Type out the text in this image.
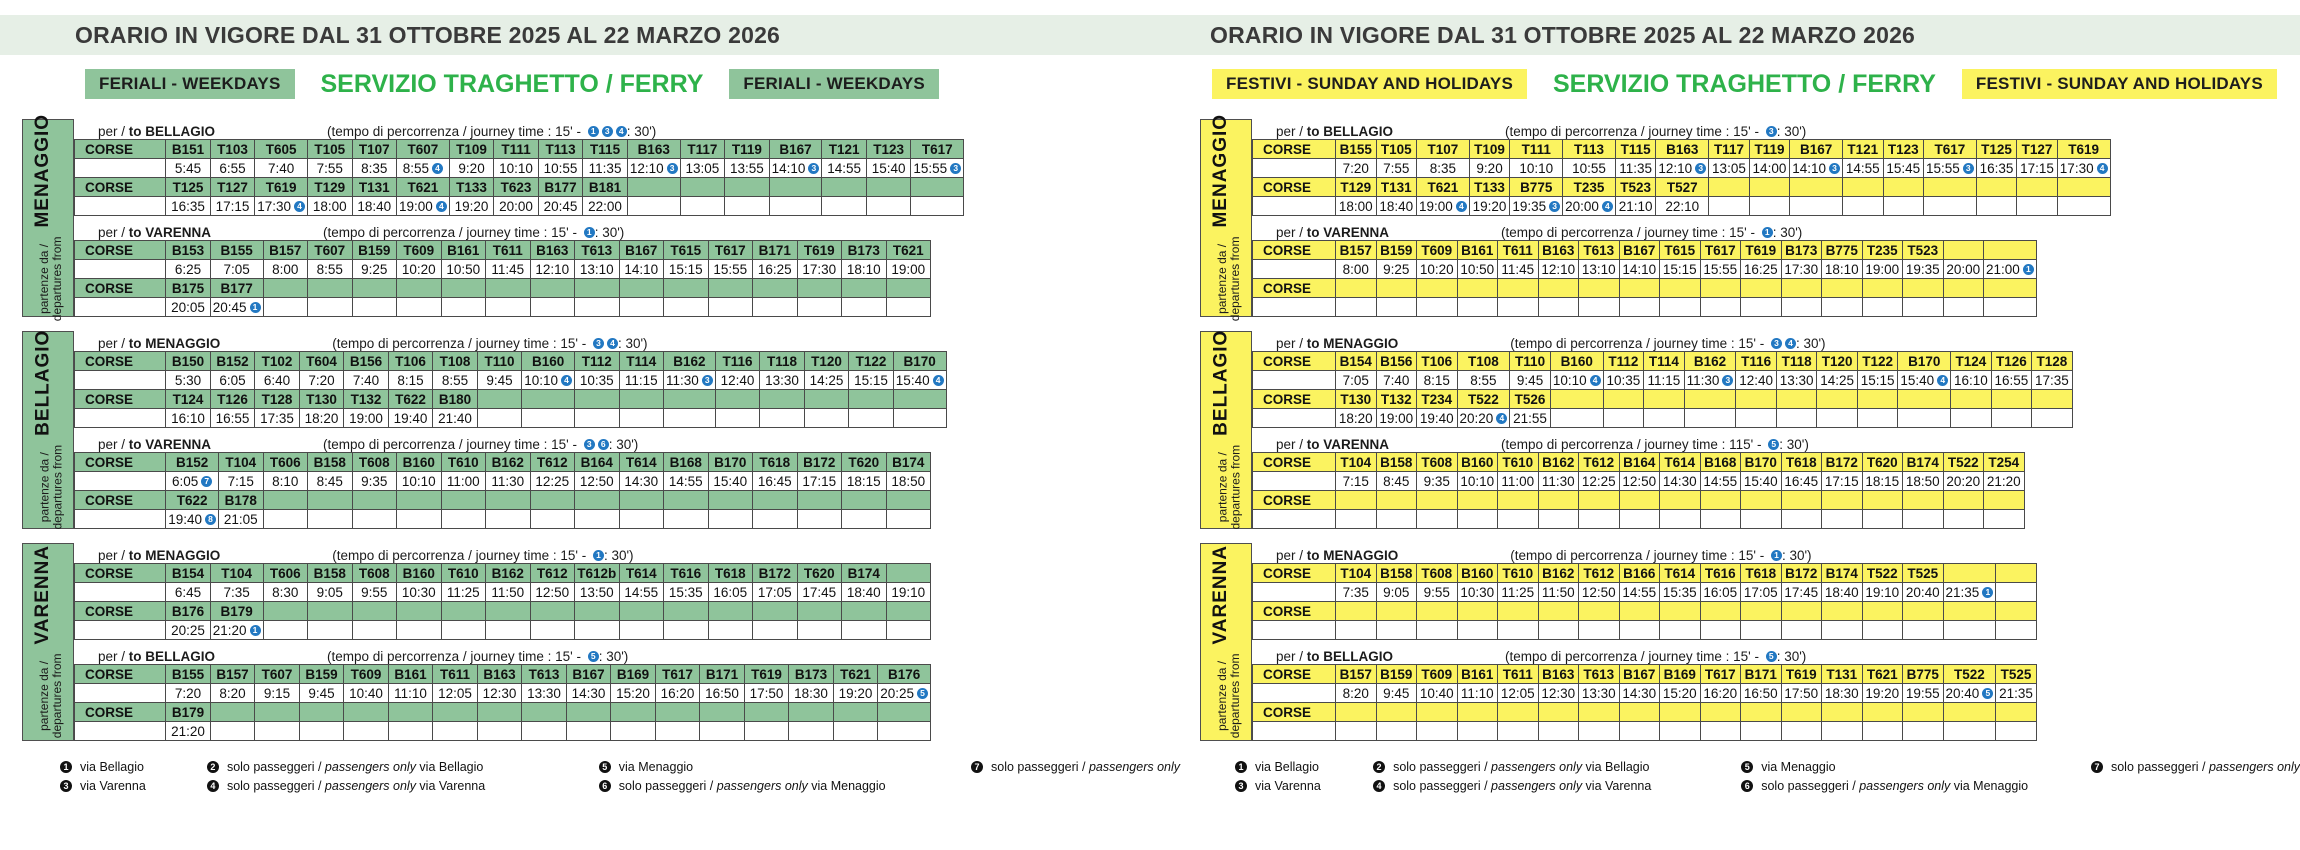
ORARIO IN VIGORE DAL 31 OTTOBRE 2025 AL 22 MARZO 2026
FERIALI - WEEKDAYS	SERVIZIO TRAGHETTO / FERRY	FERIALI - WEEKDAYS
partenze da /
departures from
MENAGGIO	per / to BELLAGIO	(tempo di percorrenza / journey time : 15' - 1 3 4 : 30')
CORSE	B151	T103	T605	T105	T107	T607	T109	T111	T113	T115	B163	T117	T119	B167	T121	T123	T617
	5:45	6:55	7:40	7:55	8:35	8:55 4	9:20	10:10	10:55	11:35	12:10 3	13:05	13:55	14:10 3	14:55	15:40	15:55 3
CORSE	T125	T127	T619	T129	T131	T621	T133	T623	B177	B181							
	16:35	17:15	17:30 4	18:00	18:40	19:00 4	19:20	20:00	20:45	22:00							
per / to VARENNA	(tempo di percorrenza / journey time : 15' - 1 : 30')
CORSE	B153	B155	B157	T607	B159	T609	B161	T611	B163	T613	B167	T615	T617	B171	T619	B173	T621
	6:25	7:05	8:00	8:55	9:25	10:20	10:50	11:45	12:10	13:10	14:10	15:15	15:55	16:25	17:30	18:10	19:00
CORSE	B175	B177															
	20:05	20:45 1															
partenze da /
departures from
BELLAGIO	per / to MENAGGIO	(tempo di percorrenza / journey time : 15' - 3 4 : 30')
CORSE	B150	B152	T102	T604	B156	T106	T108	T110	B160	T112	T114	B162	T116	T118	T120	T122	B170
	5:30	6:05	6:40	7:20	7:40	8:15	8:55	9:45	10:10 4	10:35	11:15	11:30 3	12:40	13:30	14:25	15:15	15:40 4
CORSE	T124	T126	T128	T130	T132	T622	B180										
	16:10	16:55	17:35	18:20	19:00	19:40	21:40										
per / to VARENNA	(tempo di percorrenza / journey time : 15' - 3 6 : 30')
CORSE	B152	T104	T606	B158	T608	B160	T610	B162	T612	B164	T614	B168	B170	T618	B172	T620	B174
	6:05 7	7:15	8:10	8:45	9:35	10:10	11:00	11:30	12:25	12:50	14:30	14:55	15:40	16:45	17:15	18:15	18:50
CORSE	T622	B178															
	19:40 8	21:05															
partenze da /
departures from
VARENNA	per / to MENAGGIO	(tempo di percorrenza / journey time : 15' - 1 : 30')
CORSE	B154	T104	T606	B158	T608	B160	T610	B162	T612	T612b	T614	T616	T618	B172	T620	B174	
	6:45	7:35	8:30	9:05	9:55	10:30	11:25	11:50	12:50	13:50	14:55	15:35	16:05	17:05	17:45	18:40	19:10
CORSE	B176	B179															
	20:25	21:20 1															
per / to BELLAGIO	(tempo di percorrenza / journey time : 15' - 5 : 30')
CORSE	B155	B157	T607	B159	T609	B161	T611	B163	T613	B167	B169	T617	B171	T619	B173	T621	B176
	7:20	8:20	9:15	9:45	10:40	11:10	12:05	12:30	13:30	14:30	15:20	16:20	16:50	17:50	18:30	19:20	20:25 5
CORSE	B179																
	21:20																
1 via Bellagio
3 via Varenna
2 solo passeggeri / passengers only via Bellagio
4 solo passeggeri / passengers only via Varenna
5 via Menaggio
6 solo passeggeri / passengers only via Menaggio
7 solo passeggeri / passengers only
ORARIO IN VIGORE DAL 31 OTTOBRE 2025 AL 22 MARZO 2026
FESTIVI - SUNDAY AND HOLIDAYS	SERVIZIO TRAGHETTO / FERRY	FESTIVI - SUNDAY AND HOLIDAYS
partenze da /
departures from
MENAGGIO	per / to BELLAGIO	(tempo di percorrenza / journey time : 15' - 3 : 30')
CORSE	B155	T105	T107	T109	T111	T113	T115	B163	T117	T119	B167	T121	T123	T617	T125	T127	T619
	7:20	7:55	8:35	9:20	10:10	10:55	11:35	12:10 3	13:05	14:00	14:10 3	14:55	15:45	15:55 3	16:35	17:15	17:30 4
CORSE	T129	T131	T621	T133	B775	T235	T523	T527									
	18:00	18:40	19:00 4	19:20	19:35 3	20:00 4	21:10	22:10									
per / to VARENNA	(tempo di percorrenza / journey time : 15' - 1 : 30')
CORSE	B157	B159	T609	B161	T611	B163	T613	B167	T615	T617	T619	B173	B775	T235	T523		
	8:00	9:25	10:20	10:50	11:45	12:10	13:10	14:10	15:15	15:55	16:25	17:30	18:10	19:00	19:35	20:00	21:00 1
CORSE																	

partenze da /
departures from
BELLAGIO	per / to MENAGGIO	(tempo di percorrenza / journey time : 15' - 3 4 : 30')
CORSE	B154	B156	T106	T108	T110	B160	T112	T114	B162	T116	T118	T120	T122	B170	T124	T126	T128
	7:05	7:40	8:15	8:55	9:45	10:10 4	10:35	11:15	11:30 3	12:40	13:30	14:25	15:15	15:40 4	16:10	16:55	17:35
CORSE	T130	T132	T234	T522	T526												
	18:20	19:00	19:40	20:20 4	21:55												
per / to VARENNA	(tempo di percorrenza / journey time : 115' - 5 : 30')
CORSE	T104	B158	T608	B160	T610	B162	T612	B164	T614	B168	B170	T618	B172	T620	B174	T522	T254
	7:15	8:45	9:35	10:10	11:00	11:30	12:25	12:50	14:30	14:55	15:40	16:45	17:15	18:15	18:50	20:20	21:20
CORSE																	

partenze da /
departures from
VARENNA	per / to MENAGGIO	(tempo di percorrenza / journey time : 15' - 1 : 30')
CORSE	T104	B158	T608	B160	T610	B162	T612	B166	T614	T616	T618	B172	B174	T522	T525		
	7:35	9:05	9:55	10:30	11:25	11:50	12:50	14:55	15:35	16:05	17:05	17:45	18:40	19:10	20:40	21:35 1	
CORSE																	

per / to BELLAGIO	(tempo di percorrenza / journey time : 15' - 5 : 30')
CORSE	B157	B159	T609	B161	T611	B163	T613	B167	B169	T617	B171	T619	T131	T621	B775	T522	T525
	8:20	9:45	10:40	11:10	12:05	12:30	13:30	14:30	15:20	16:20	16:50	17:50	18:30	19:20	19:55	20:40 5	21:35
CORSE																	

1 via Bellagio
3 via Varenna
2 solo passeggeri / passengers only via Bellagio
4 solo passeggeri / passengers only via Varenna
5 via Menaggio
6 solo passeggeri / passengers only via Menaggio
7 solo passeggeri / passengers only
